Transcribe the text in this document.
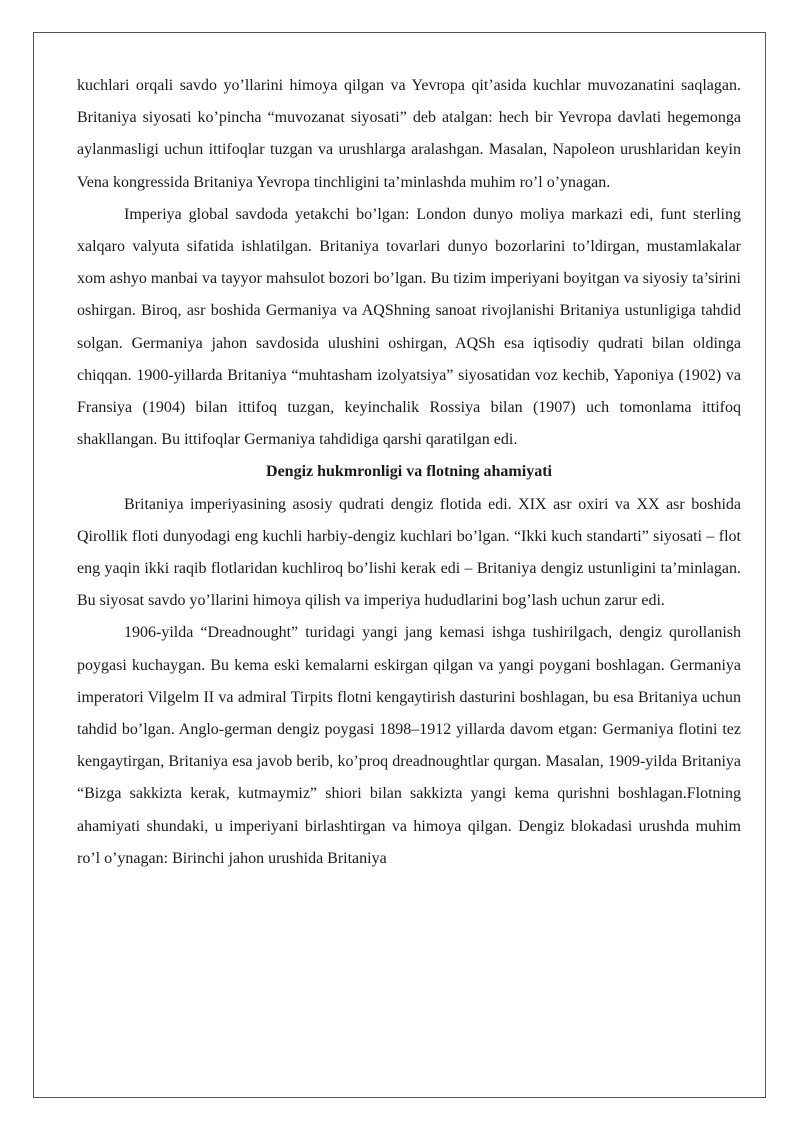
kuchlari orqali savdo yo’llarini himoya qilgan va Yevropa qit’asida kuchlar muvozanatini saqlagan. Britaniya siyosati ko’pincha “muvozanat siyosati” deb atalgan: hech bir Yevropa davlati hegemonga aylanmasligi uchun ittifoqlar tuzgan va urushlarga aralashgan. Masalan, Napoleon urushlaridan keyin Vena kongressida Britaniya Yevropa tinchligini ta’minlashda muhim ro’l o’ynagan.

Imperiya global savdoda yetakchi bo’lgan: London dunyo moliya markazi edi, funt sterling xalqaro valyuta sifatida ishlatilgan. Britaniya tovarlari dunyo bozorlarini to’ldirgan, mustamlakalar xom ashyo manbai va tayyor mahsulot bozori bo’lgan. Bu tizim imperiyani boyitgan va siyosiy ta’sirini oshirgan. Biroq, asr boshida Germaniya va AQShning sanoat rivojlanishi Britaniya ustunligiga tahdid solgan. Germaniya jahon savdosida ulushini oshirgan, AQSh esa iqtisodiy qudrati bilan oldinga chiqqan. 1900-yillarda Britaniya “muhtasham izolyatsiya” siyosatidan voz kechib, Yaponiya (1902) va Fransiya (1904) bilan ittifoq tuzgan, keyinchalik Rossiya bilan (1907) uch tomonlama ittifoq shakllangan. Bu ittifoqlar Germaniya tahdidiga qarshi qaratilgan edi.

Dengiz hukmronligi va flotning ahamiyati

Britaniya imperiyasining asosiy qudrati dengiz flotida edi. XIX asr oxiri va XX asr boshida Qirollik floti dunyodagi eng kuchli harbiy-dengiz kuchlari bo’lgan. “Ikki kuch standarti” siyosati – flot eng yaqin ikki raqib flotlaridan kuchliroq bo’lishi kerak edi – Britaniya dengiz ustunligini ta’minlagan. Bu siyosat savdo yo’llarini himoya qilish va imperiya hududlarini bog’lash uchun zarur edi.

1906-yilda “Dreadnought” turidagi yangi jang kemasi ishga tushirilgach, dengiz qurollanish poygasi kuchaygan. Bu kema eski kemalarni eskirgan qilgan va yangi poygani boshlagan. Germaniya imperatori Vilgelm II va admiral Tirpits flotni kengaytirish dasturini boshlagan, bu esa Britaniya uchun tahdid bo’lgan. Anglo-german dengiz poygasi 1898–1912 yillarda davom etgan: Germaniya flotini tez kengaytirgan, Britaniya esa javob berib, ko’proq dreadnoughtlar qurgan. Masalan, 1909-yilda Britaniya “Bizga sakkizta kerak, kutmaymiz” shiori bilan sakkizta yangi kema qurishni boshlagan.Flotning ahamiyati shundaki, u imperiyani birlashtirgan va himoya qilgan. Dengiz blokadasi urushda muhim ro’l o’ynagan: Birinchi jahon urushida Britaniya
